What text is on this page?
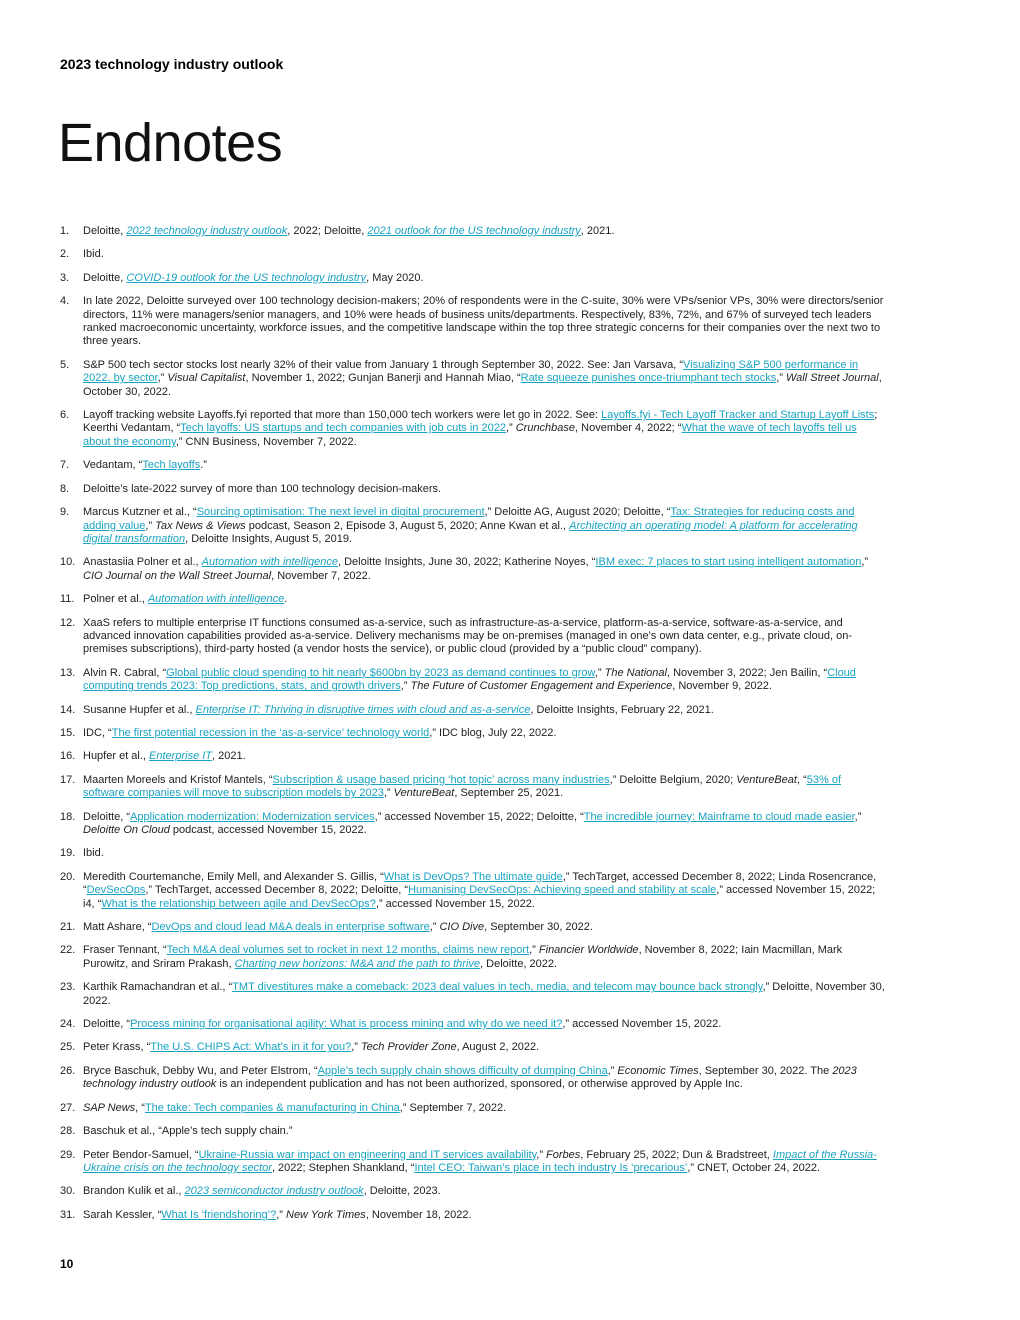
2023 technology industry outlook
Endnotes
1.	Deloitte, 2022 technology industry outlook, 2022; Deloitte, 2021 outlook for the US technology industry, 2021.
2.	Ibid.
3.	Deloitte, COVID-19 outlook for the US technology industry, May 2020.
4.	In late 2022, Deloitte surveyed over 100 technology decision-makers; 20% of respondents were in the C-suite, 30% were VPs/senior VPs, 30% were directors/senior directors, 11% were managers/senior managers, and 10% were heads of business units/departments. Respectively, 83%, 72%, and 67% of surveyed tech leaders ranked macroeconomic uncertainty, workforce issues, and the competitive landscape within the top three strategic concerns for their companies over the next two to three years.
5.	S&P 500 tech sector stocks lost nearly 32% of their value from January 1 through September 30, 2022. See: Jan Varsava, “Visualizing S&P 500 performance in 2022, by sector,” Visual Capitalist, November 1, 2022; Gunjan Banerji and Hannah Miao, “Rate squeeze punishes once-triumphant tech stocks,” Wall Street Journal, October 30, 2022.
6.	Layoff tracking website Layoffs.fyi reported that more than 150,000 tech workers were let go in 2022. See: Layoffs.fyi - Tech Layoff Tracker and Startup Layoff Lists; Keerthi Vedantam, “Tech layoffs: US startups and tech companies with job cuts in 2022,” Crunchbase, November 4, 2022; “What the wave of tech layoffs tell us about the economy,” CNN Business, November 7, 2022.
7.	Vedantam, “Tech layoffs.”
8.	Deloitte’s late-2022 survey of more than 100 technology decision-makers.
9.	Marcus Kutzner et al., “Sourcing optimisation: The next level in digital procurement,” Deloitte AG, August 2020; Deloitte, “Tax: Strategies for reducing costs and adding value,” Tax News & Views podcast, Season 2, Episode 3, August 5, 2020; Anne Kwan et al., Architecting an operating model: A platform for accelerating digital transformation, Deloitte Insights, August 5, 2019.
10. Anastasiia Polner et al., Automation with intelligence, Deloitte Insights, June 30, 2022; Katherine Noyes, “IBM exec: 7 places to start using intelligent automation,” CIO Journal on the Wall Street Journal, November 7, 2022.
11. Polner et al., Automation with intelligence.
12. XaaS refers to multiple enterprise IT functions consumed as-a-service, such as infrastructure-as-a-service, platform-as-a-service, software-as-a-service, and advanced innovation capabilities provided as-a-service. Delivery mechanisms may be on-premises (managed in one’s own data center, e.g., private cloud, on-premises subscriptions), third-party hosted (a vendor hosts the service), or public cloud (provided by a “public cloud” company).
13. Alvin R. Cabral, “Global public cloud spending to hit nearly $600bn by 2023 as demand continues to grow,” The National, November 3, 2022; Jen Bailin, “Cloud computing trends 2023: Top predictions, stats, and growth drivers,” The Future of Customer Engagement and Experience, November 9, 2022.
14. Susanne Hupfer et al., Enterprise IT: Thriving in disruptive times with cloud and as-a-service, Deloitte Insights, February 22, 2021.
15. IDC, “The first potential recession in the ‘as-a-service’ technology world,” IDC blog, July 22, 2022.
16. Hupfer et al., Enterprise IT, 2021.
17. Maarten Moreels and Kristof Mantels, “Subscription & usage based pricing ‘hot topic’ across many industries,” Deloitte Belgium, 2020; VentureBeat, “53% of software companies will move to subscription models by 2023,” VentureBeat, September 25, 2021.
18. Deloitte, “Application modernization: Modernization services,” accessed November 15, 2022; Deloitte, “The incredible journey: Mainframe to cloud made easier,” Deloitte On Cloud podcast, accessed November 15, 2022.
19. Ibid.
20. Meredith Courtemanche, Emily Mell, and Alexander S. Gillis, “What is DevOps? The ultimate guide,” TechTarget, accessed December 8, 2022; Linda Rosencrance, “DevSecOps,” TechTarget, accessed December 8, 2022; Deloitte, “Humanising DevSecOps: Achieving speed and stability at scale,” accessed November 15, 2022; i4, “What is the relationship between agile and DevSecOps?,” accessed November 15, 2022.
21. Matt Ashare, “DevOps and cloud lead M&A deals in enterprise software,” CIO Dive, September 30, 2022.
22. Fraser Tennant, “Tech M&A deal volumes set to rocket in next 12 months, claims new report,” Financier Worldwide, November 8, 2022; Iain Macmillan, Mark Purowitz, and Sriram Prakash, Charting new horizons: M&A and the path to thrive, Deloitte, 2022.
23. Karthik Ramachandran et al., “TMT divestitures make a comeback: 2023 deal values in tech, media, and telecom may bounce back strongly,” Deloitte, November 30, 2022.
24. Deloitte, “Process mining for organisational agility: What is process mining and why do we need it?,” accessed November 15, 2022.
25. Peter Krass, “The U.S. CHIPS Act: What’s in it for you?,” Tech Provider Zone, August 2, 2022.
26. Bryce Baschuk, Debby Wu, and Peter Elstrom, “Apple’s tech supply chain shows difficulty of dumping China,” Economic Times, September 30, 2022. The 2023 technology industry outlook is an independent publication and has not been authorized, sponsored, or otherwise approved by Apple Inc.
27. SAP News, “The take: Tech companies & manufacturing in China,” September 7, 2022.
28. Baschuk et al., “Apple’s tech supply chain.”
29. Peter Bendor-Samuel, “Ukraine-Russia war impact on engineering and IT services availability,” Forbes, February 25, 2022; Dun & Bradstreet, Impact of the Russia-Ukraine crisis on the technology sector, 2022; Stephen Shankland, “Intel CEO: Taiwan’s place in tech industry Is ‘precarious’,” CNET, October 24, 2022.
30. Brandon Kulik et al., 2023 semiconductor industry outlook, Deloitte, 2023.
31. Sarah Kessler, “What Is ‘friendshoring’?,” New York Times, November 18, 2022.
10
